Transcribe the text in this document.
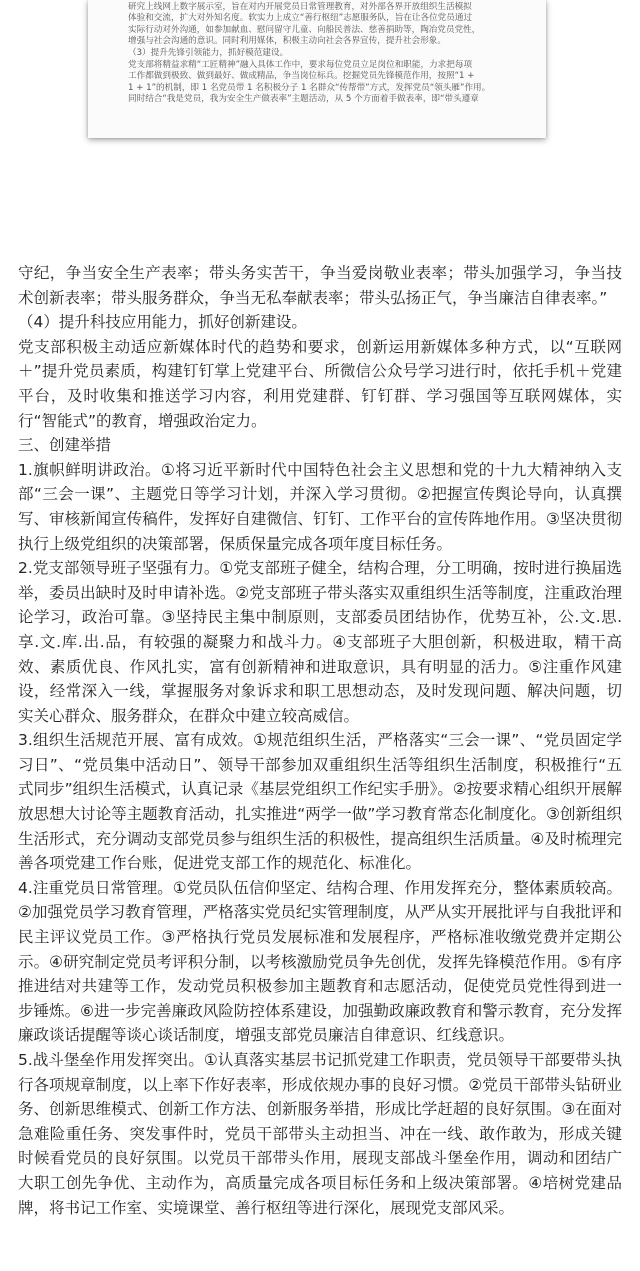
研究上线网上数字展示室，旨在对内开展党员日常管理教育，对外部各界开放组织生活模拟

体验和交流，扩大对外知名度。软实力上成立“善行枢纽”志愿服务队，旨在让各位党员通过

实际行动对外沟通，如参加献血、慰问留守儿童、向船民普法、慈善捐助等，陶冶党员党性，

增强与社会沟通的意识。同时利用媒体，积极主动向社会各界宣传，提升社会形象。

（3）提升先锋引领能力，抓好模范建设。

党支部将精益求精“工匠精神”融入具体工作中，要求每位党员立足岗位和职能，力求把每项

工作都做到极致、做到最好、做成精品，争当岗位标兵。挖掘党员先锋模范作用，按照“1 +

1 + 1”的机制，即 1 名党员带 1 名积极分子 1 名群众“传帮带”方式，发挥党员“领头雁”作用。

同时结合“我是党员，我为安全生产做表率”主题活动，从 5 个方面着手做表率，即“带头遵章

守纪，争当安全生产表率；带头务实苦干，争当爱岗敬业表率；带头加强学习，争当技术创新表率；带头服务群众，争当无私奉献表率；带头弘扬正气，争当廉洁自律表率。”

（4）提升科技应用能力，抓好创新建设。

党支部积极主动适应新媒体时代的趋势和要求，创新运用新媒体多种方式，以“互联网＋”提升党员素质，构建钉钉掌上党建平台、所微信公众号学习进行时，依托手机＋党建平台，及时收集和推送学习内容，利用党建群、钉钉群、学习强国等互联网媒体，实行“智能式”的教育，增强政治定力。

三、创建举措

1.旗帜鲜明讲政治。①将习近平新时代中国特色社会主义思想和党的十九大精神纳入支部“三会一课”、主题党日等学习计划，并深入学习贯彻。②把握宣传舆论导向，认真撰写、审核新闻宣传稿件，发挥好自建微信、钉钉、工作平台的宣传阵地作用。③坚决贯彻执行上级党组织的决策部署，保质保量完成各项年度目标任务。

2.党支部领导班子坚强有力。①党支部班子健全，结构合理，分工明确，按时进行换届选举，委员出缺时及时申请补选。②党支部班子带头落实双重组织生活等制度，注重政治理论学习，政治可靠。③坚持民主集中制原则，支部委员团结协作，优势互补，公.文.思.享.文.库.出.品，有较强的凝聚力和战斗力。④支部班子大胆创新，积极进取，精干高效、素质优良、作风扎实，富有创新精神和进取意识，具有明显的活力。⑤注重作风建设，经常深入一线，掌握服务对象诉求和职工思想动态，及时发现问题、解决问题，切实关心群众、服务群众，在群众中建立较高威信。

3.组织生活规范开展、富有成效。①规范组织生活，严格落实“三会一课”、“党员固定学习日”、“党员集中活动日”、领导干部参加双重组织生活等组织生活制度，积极推行“五式同步”组织生活模式，认真记录《基层党组织工作纪实手册》。②按要求精心组织开展解放思想大讨论等主题教育活动，扎实推进“两学一做”学习教育常态化制度化。③创新组织生活形式，充分调动支部党员参与组织生活的积极性，提高组织生活质量。④及时梳理完善各项党建工作台账，促进党支部工作的规范化、标准化。

4.注重党员日常管理。①党员队伍信仰坚定、结构合理、作用发挥充分，整体素质较高。②加强党员学习教育管理，严格落实党员纪实管理制度，从严从实开展批评与自我批评和民主评议党员工作。③严格执行党员发展标准和发展程序，严格标准收缴党费并定期公示。④研究制定党员考评积分制，以考核激励党员争先创优，发挥先锋模范作用。⑤有序推进结对共建等工作，发动党员积极参加主题教育和志愿活动，促使党员党性得到进一步锤炼。⑥进一步完善廉政风险防控体系建设，加强勤政廉政教育和警示教育，充分发挥廉政谈话提醒等谈心谈话制度，增强支部党员廉洁自律意识、红线意识。

5.战斗堡垒作用发挥突出。①认真落实基层书记抓党建工作职责，党员领导干部要带头执行各项规章制度，以上率下作好表率，形成依规办事的良好习惯。②党员干部带头钻研业务、创新思维模式、创新工作方法、创新服务举措，形成比学赶超的良好氛围。③在面对急难险重任务、突发事件时，党员干部带头主动担当、冲在一线、敢作敢为，形成关键时候看党员的良好氛围。以党员干部带头作用，展现支部战斗堡垒作用，调动和团结广大职工创先争优、主动作为，高质量完成各项目标任务和上级决策部署。④培树党建品牌，将书记工作室、实境课堂、善行枢纽等进行深化，展现党支部风采。
